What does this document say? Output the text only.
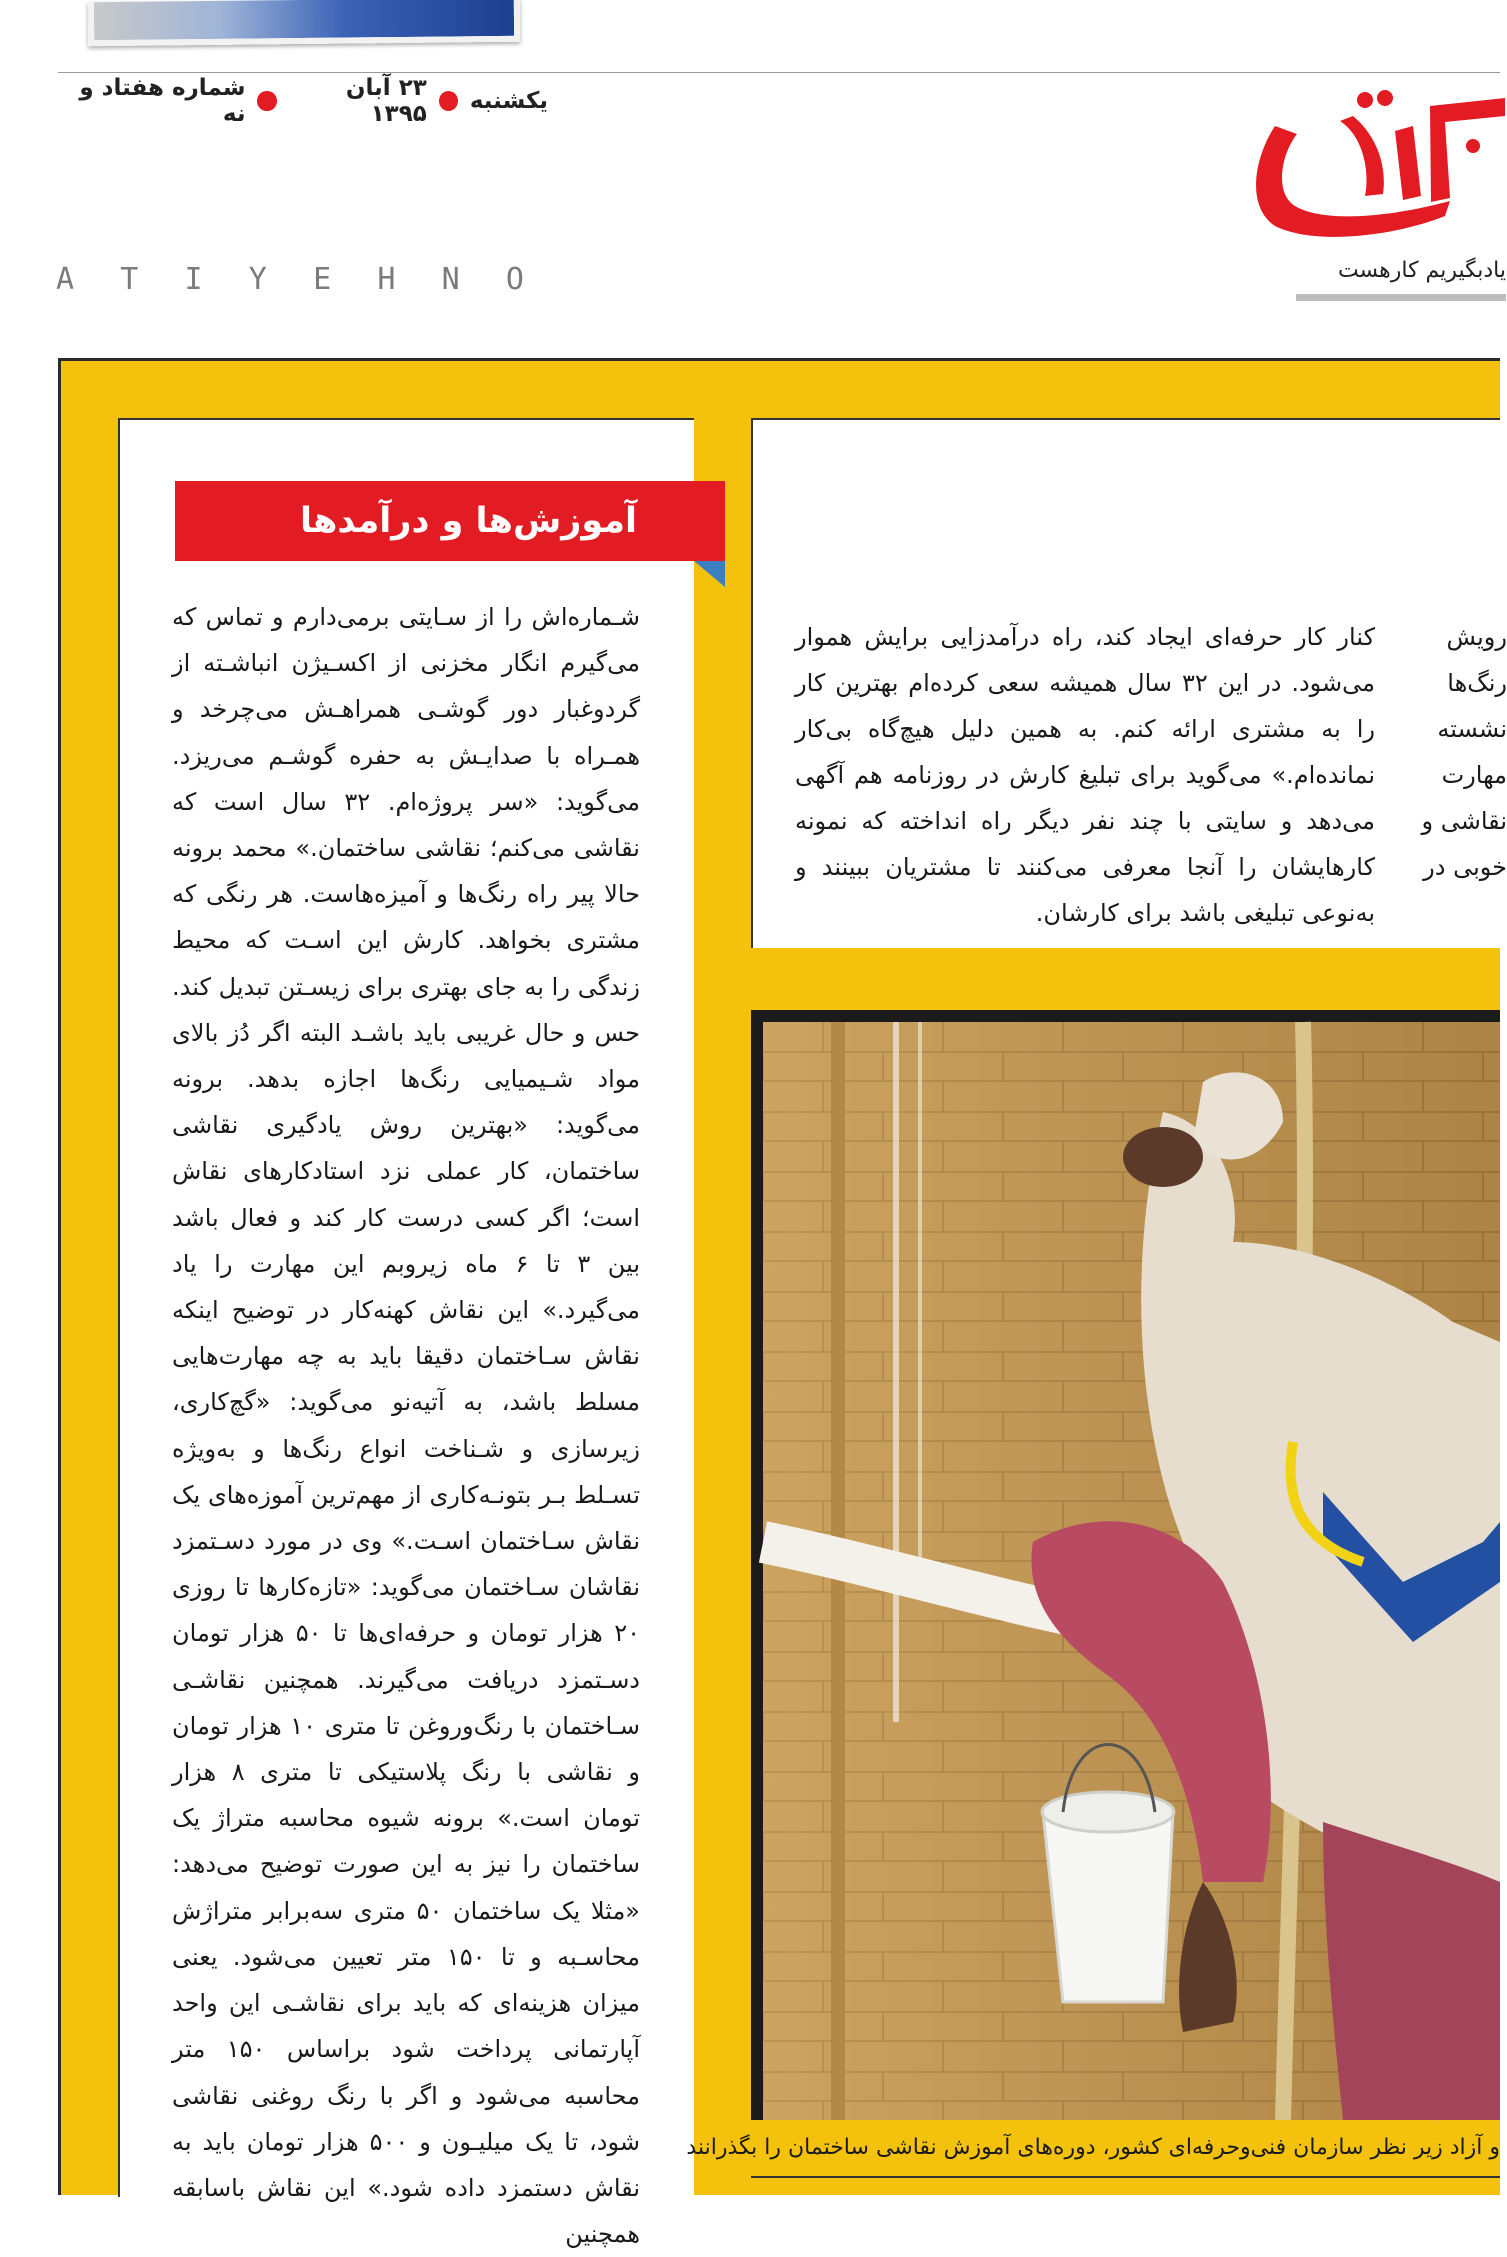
یکشنبه
۲۳ آبان ۱۳۹۵
شماره هفتاد و نه
یادبگیریم کارهست
A T I Y E H N O
آموزش‌ها و درآمدها
شـماره‌اش را از سـایتی برمی‌دارم و تماس که می‌گیرم انگار مخزنی از اکسـیژن انباشـته از گردوغبار دور گوشـی همراهـش می‌چرخد و همـراه با صدایـش به حفره گوشـم می‌ریزد. می‌گوید: «سر پروژه‌ام. ۳۲ سال است که نقاشی می‌کنم؛ نقاشی ساختمان.» محمد برونه حالا پیر راه رنگ‌ها و آمیزه‌هاست. هر رنگی که مشتری بخواهد. کارش این اسـت که محیط زندگی را به جای بهتری برای زیسـتن تبدیل کند. حس و حال غریبی باید باشـد البته اگر دُز بالای مواد شـیمیایی رنگ‌ها اجازه بدهد. برونه می‌گوید: «بهترین روش یادگیری نقاشی ساختمان، کار عملی نزد استادکارهای نقاش است؛ اگر کسی درست کار کند و فعال باشد بین ۳ تا ۶ ماه زیرو‌بم این مهارت را یاد می‌گیرد.» این نقاش کهنه‌کار در توضیح اینکه نقاش سـاختمان دقیقا باید به چه مهارت‌هایی مسلط باشد، به آتیه‌نو می‌گوید: «گچ‌کاری، زیرسازی و شـناخت انواع رنگ‌ها و به‌ویژه تسـلط بـر بتونـه‌کاری از مهم‌ترین آموزه‌های یک نقاش سـاختمان اسـت.» وی در مورد دسـتمزد نقاشان سـاختمان می‌گوید: «تازه‌کارها تا روزی ۲۰ هزار تومان و حرفه‌ای‌ها تا ۵۰ هزار تومان دسـتمزد دریافت می‌گیرند. همچنین نقاشـی سـاختمان با رنگ‌وروغن تا متری ۱۰ هزار تومان و نقاشی با رنگ پلاستیکی تا متری ۸ هزار تومان است.» برونه شیوه محاسبه متراژ یک ساختمان را نیز به این صورت توضیح می‌دهد: «مثلا یک ساختمان ۵۰ متری سه‌برابر متراژش محاسـبه و تا ۱۵۰ متر تعیین می‌شود. یعنی میزان هزینه‌ای که باید برای نقاشـی این واحد آپارتمانی پرداخت شود براساس ۱۵۰ متر محاسبه می‌شود و اگر با رنگ روغنی نقاشی شود، تا یک میلیـون و ۵۰۰ هزار تومان باید به نقاش دستمزد داده شود.» این نقاش باسابقه همچنین
کنار کار حرفه‌ای ایجاد کند، راه درآمدزایی برایش هموار می‌شود. در این ۳۲ سال همیشه سعی کرده‌ام بهترین کار را به مشتری ارائه کنم. به همین دلیل هیچ‌گاه بی‌کار نمانده‌ام.» می‌گوید برای تبلیغ کارش در روزنامه هم آگهی می‌دهد و سایتی با چند نفر دیگر راه انداخته که نمونه کارهایشان را آنجا معرفی می‌کنند تا مشتریان ببینند و به‌نوعی تبلیغی باشد برای کارشان.
رویش
رنگ‌ها
نشسته
مهارت
نقاشی و
خوبی در
و آزاد زیر نظر سازمان فنی‌وحرفه‌ای کشور، دوره‌های آموزش نقاشی ساختمان را بگذرانند
